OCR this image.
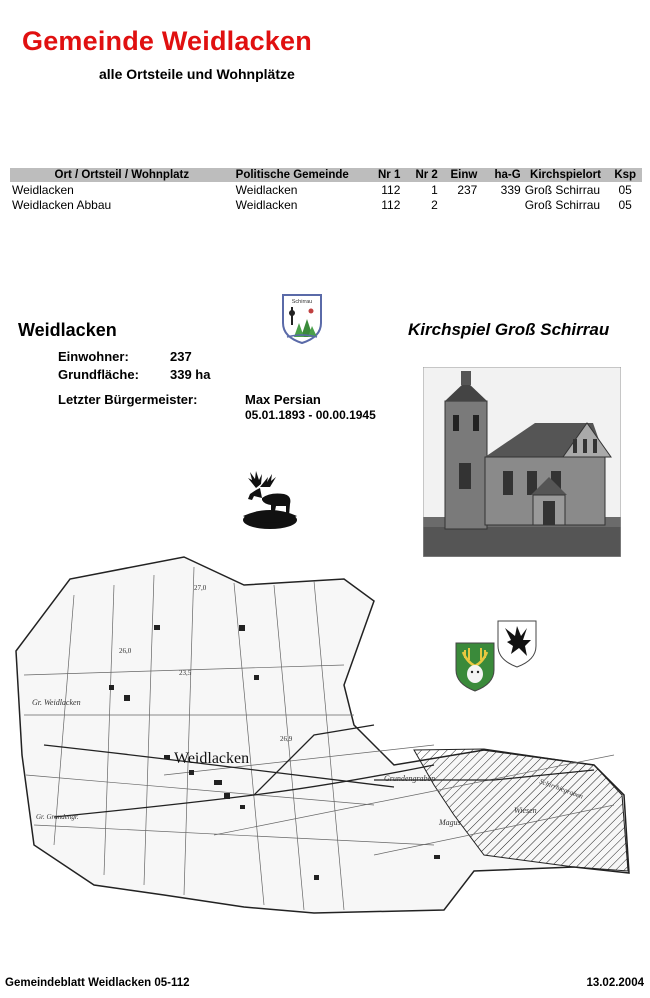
Gemeinde Weidlacken
alle Ortsteile und Wohnplätze
Ort / Ortsteil / Wohnplatz	Politische Gemeinde	Nr 1	Nr 2	Einw	ha-G	Kirchspielort	Ksp
Weidlacken	Weidlacken	112	1	237	339	Groß Schirrau	05
Weidlacken Abbau	Weidlacken	112	2			Groß Schirrau	05
Schirrau
Weidlacken	Kirchspiel Groß Schirrau
Einwohner:	237
Grundfläche: 339 ha
Letzter Bürgermeister:	Max Persian
05.01.1893 - 00.00.1945
Weidlacken
27,0
26,0
23,5
26,9
Gr. Weidlacken
Grundengraben
Magus
Wiesen
Gr. Grundengr.
Schirrhiegraben
Gemeindeblatt Weidlacken 05-112	13.02.2004
